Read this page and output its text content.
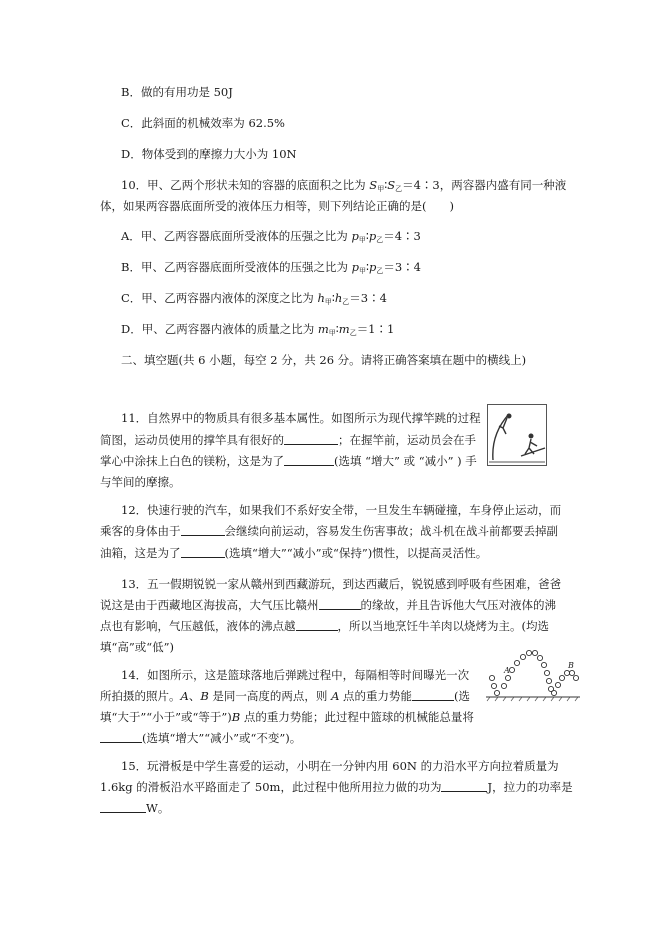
B．做的有用功是 50J
C．此斜面的机械效率为 62.5%
D．物体受到的摩擦力大小为 10N
10．甲、乙两个形状未知的容器的底面积之比为 $S_甲∶S_乙=4∶3$，两容器内盛有同一种液
体，如果两容器底面所受的液体压力相等，则下列结论正确的是(　　)
A．甲、乙两容器底面所受液体的压强之比为 $p_甲∶p_乙=4∶3$
B．甲、乙两容器底面所受液体的压强之比为 $p_甲∶p_乙=3∶4$
C．甲、乙两容器内液体的深度之比为 $h_甲∶h_乙=3∶4$
D．甲、乙两容器内液体的质量之比为 $m_甲∶m_乙=1∶1$
二、填空题(共 6 小题，每空 2 分，共 26 分。请将正确答案填在题中的横线上)
11．自然界中的物质具有很多基本属性。如图所示为现代撑竿跳的过程
简图，运动员使用的撑竿具有很好的	；在握竿前，运动员会在手
掌心中涂抹上白色的镁粉，这是为了	(选填 “增大” 或 “减小” ) 手
与竿间的摩擦。
12．快速行驶的汽车，如果我们不系好安全带，一旦发生车辆碰撞，车身停止运动，而
乘客的身体由于	会继续向前运动，容易发生伤害事故；战斗机在战斗前都要丢掉副
油箱，这是为了	(选填“增大”“减小”或“保持”)惯性，以提高灵活性。
13．五一假期锐锐一家从赣州到西藏游玩，到达西藏后，锐锐感到呼吸有些困难，爸爸
说这是由于西藏地区海拔高，大气压比赣州	的缘故，并且告诉他大气压对液体的沸
点也有影响，气压越低，液体的沸点越	，所以当地烹饪牛羊肉以烧烤为主。(均选
填“高”或“低”)
14．如图所示，这是篮球落地后弹跳过程中，每隔相等时间曝光一次
所拍摄的照片。A、B 是同一高度的两点，则 A 点的重力势能	(选
填“大于”“小于”或“等于”)B 点的重力势能；此过程中篮球的机械能总量将
(选填“增大”“减小”或“不变”)。
A
B
15．玩滑板是中学生喜爱的运动，小明在一分钟内用 60N 的力沿水平方向拉着质量为
1.6kg 的滑板沿水平路面走了 50m，此过程中他所用拉力做的功为	J，拉力的功率是
W。
